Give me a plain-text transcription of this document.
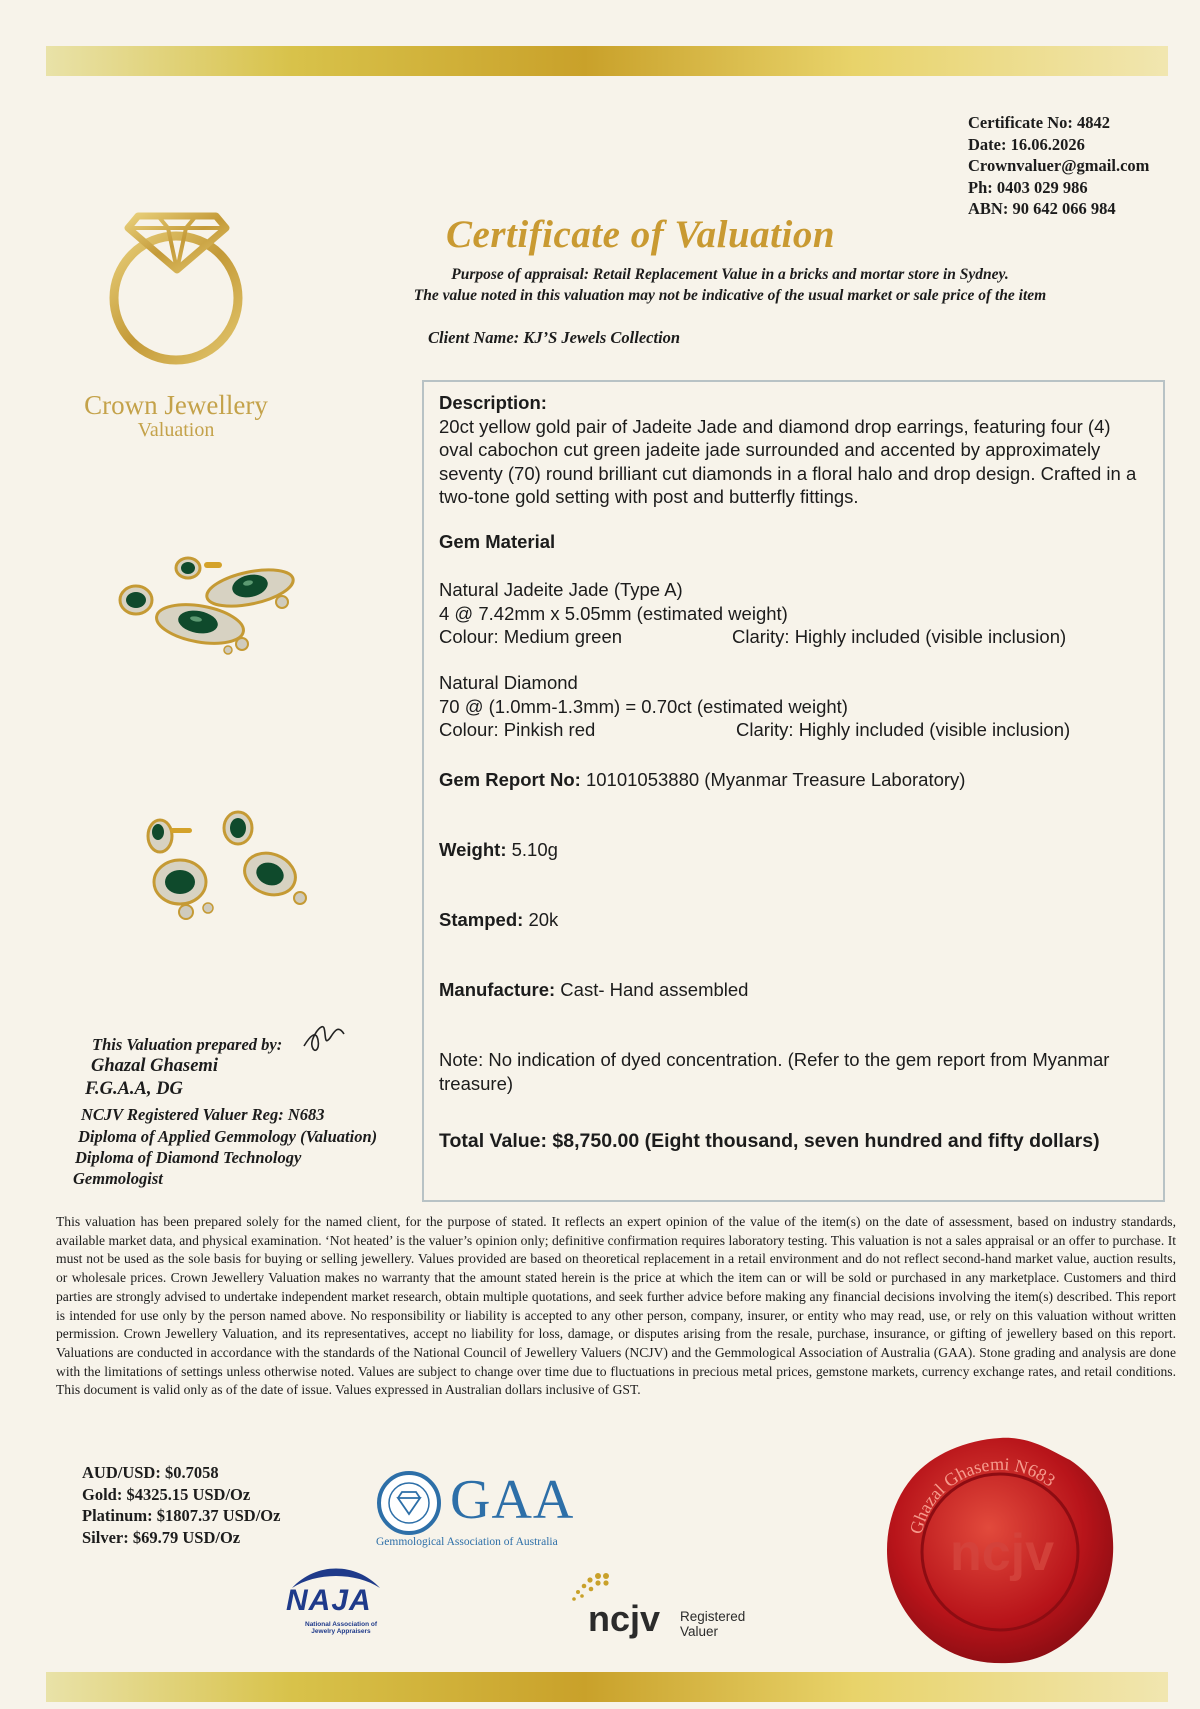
Certificate No: 4842
Date: 16.06.2026
Crownvaluer@gmail.com
Ph: 0403 029 986
ABN: 90 642 066 984
Certificate of Valuation
Purpose of appraisal: Retail Replacement Value in a bricks and mortar store in Sydney.
The value noted in this valuation may not be indicative of the usual market or sale price of the item
Client Name: KJ’S Jewels Collection
Crown Jewellery
Valuation
Description:
20ct yellow gold pair of Jadeite Jade and diamond drop earrings, featuring four (4) oval cabochon cut green jadeite jade surrounded and accented by approximately seventy (70) round brilliant cut diamonds in a floral halo and drop design. Crafted in a two-tone gold setting with post and butterfly fittings.
Gem Material
Natural Jadeite Jade (Type A)
4 @ 7.42mm x 5.05mm (estimated weight)
Colour: Medium green	Clarity: Highly included (visible inclusion)
Natural Diamond
70 @ (1.0mm-1.3mm) = 0.70ct (estimated weight)
Colour: Pinkish red	Clarity: Highly included (visible inclusion)
Gem Report No: 10101053880 (Myanmar Treasure Laboratory)
Weight: 5.10g
Stamped: 20k
Manufacture: Cast- Hand assembled
Note: No indication of dyed concentration. (Refer to the gem report from Myanmar treasure)
Total Value: $8,750.00 (Eight thousand, seven hundred and fifty dollars)
This Valuation prepared by:
Ghazal Ghasemi
F.G.A.A, DG
NCJV Registered Valuer Reg: N683
Diploma of Applied Gemmology (Valuation)
Diploma of Diamond Technology
Gemmologist
This valuation has been prepared solely for the named client, for the purpose of stated. It reflects an expert opinion of the value of the item(s) on the date of assessment, based on industry standards, available market data, and physical examination. ‘Not heated’ is the valuer’s opinion only; definitive confirmation requires laboratory testing. This valuation is not a sales appraisal or an offer to purchase. It must not be used as the sole basis for buying or selling jewellery. Values provided are based on theoretical replacement in a retail environment and do not reflect second-hand market value, auction results, or wholesale prices. Crown Jewellery Valuation makes no warranty that the amount stated herein is the price at which the item can or will be sold or purchased in any marketplace. Customers and third parties are strongly advised to undertake independent market research, obtain multiple quotations, and seek further advice before making any financial decisions involving the item(s) described. This report is intended for use only by the person named above. No responsibility or liability is accepted to any other person, company, insurer, or entity who may read, use, or rely on this valuation without written permission. Crown Jewellery Valuation, and its representatives, accept no liability for loss, damage, or disputes arising from the resale, purchase, insurance, or gifting of jewellery based on this report. Valuations are conducted in accordance with the standards of the National Council of Jewellery Valuers (NCJV) and the Gemmological Association of Australia (GAA). Stone grading and analysis are done with the limitations of settings unless otherwise noted. Values are subject to change over time due to fluctuations in precious metal prices, gemstone markets, currency exchange rates, and retail conditions. This document is valid only as of the date of issue. Values expressed in Australian dollars inclusive of GST.
AUD/USD: $0.7058
Gold: $4325.15 USD/Oz
Platinum: $1807.37 USD/Oz
Silver: $69.79 USD/Oz
GAA
Gemmological Association of Australia
NAJA
National Association of Jewelry Appraisers	ncjv Registered Valuer
Ghazal Ghasemi N683
ncjv
